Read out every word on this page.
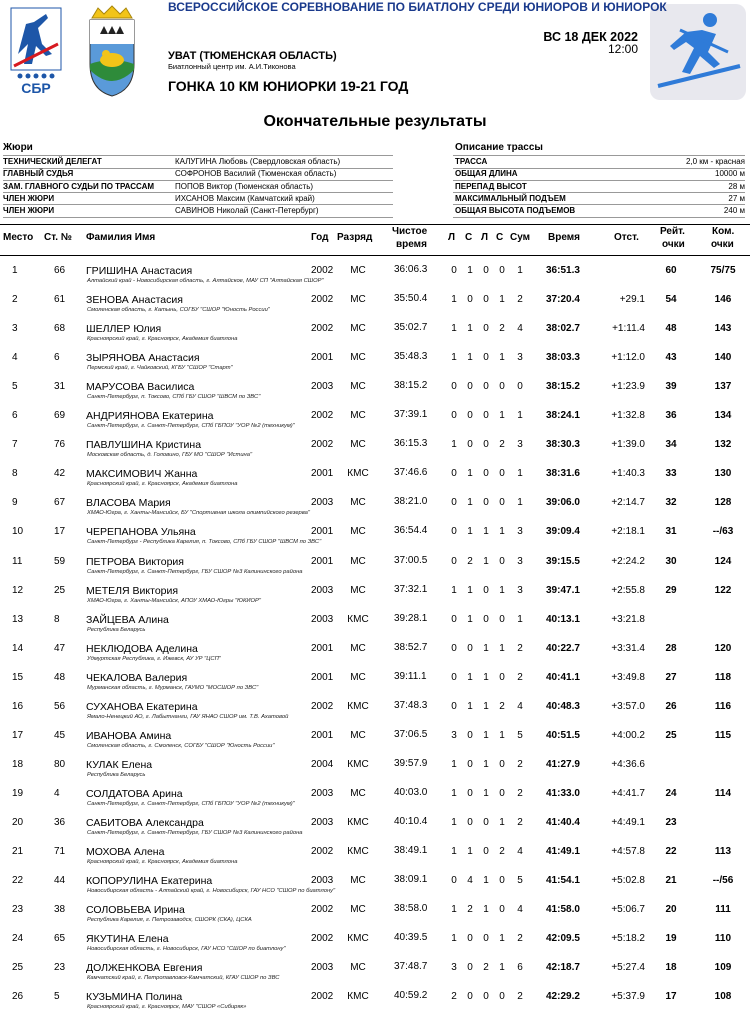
СБР
ВСЕРОССИЙСКОЕ СОРЕВНОВАНИЕ ПО БИАТЛОНУ СРЕДИ ЮНИОРОВ И ЮНИОРОК
ВС 18 ДЕК 2022
12:00
УВАТ (ТЮМЕНСКАЯ ОБЛАСТЬ)
Биатлонный центр им. А.И.Тиконова
ГОНКА 10 КМ ЮНИОРКИ 19-21 ГОД
Окончательные результаты
Жюри
ТЕХНИЧЕСКИЙ ДЕЛЕГАТ	КАЛУГИНА Любовь (Свердловская область)
ГЛАВНЫЙ СУДЬЯ	СОФРОНОВ Василий (Тюменская область)
ЗАМ. ГЛАВНОГО СУДЬИ ПО ТРАССАМ	ПОПОВ Виктор (Тюменская область)
ЧЛЕН ЖЮРИ	ИХСАНОВ Максим (Камчатский край)
ЧЛЕН ЖЮРИ	САВИНОВ Николай (Санкт-Петербург)
Описание трассы
ТРАССА	2,0 км - красная
ОБЩАЯ ДЛИНА	10000 м
ПЕРЕПАД ВЫСОТ	28 м
МАКСИМАЛЬНЫЙ ПОДЪЕМ	27 м
ОБЩАЯ ВЫСОТА ПОДЪЕМОВ	240 м
Место Ст. № Фамилия Имя	Год Разряд
Чистое
время
Л С Л С Сум Время	Отст.
Рейт.
очки
Ком.
очки
1	66 ГРИШИНА Анастасия
Алтайский край - Новосибирская область, г. Алтайское, МАУ СП "Алтайская СШОР"
2002	МС	36:06.3	0	1	0	0	1	36:51.3	60	75/75
2	61 ЗЕНОВА Анастасия
Смоленская область, г. Катынь, СОГБУ "СШОР "Юность России"
2002	МС	35:50.4	1	0	0	1	2	37:20.4	+29.1	54	146
3	68 ШЕЛЛЕР Юлия
Красноярский край, г. Красноярск, Академия биатлона
2002	МС	35:02.7	1	1	0	2	4	38:02.7	+1:11.4	48	143
4	6	ЗЫРЯНОВА Анастасия
Пермский край, г. Чайковский, КГБУ "СШОР "Старт"
2001	МС	35:48.3	1	1	0	1	3	38:03.3	+1:12.0	43	140
5	31 МАРУСОВА Василиса
Санкт-Петербург, п. Токсово, СПб ГБУ СШОР "ШВСМ по ЗВС"
2003	МС	38:15.2	0	0	0	0	0	38:15.2	+1:23.9	39	137
6	69 АНДРИЯНОВА Екатерина
Санкт-Петербург, г. Санкт-Петербург, СПб ГБПОУ "УОР №2 (техникум)"
2002	МС	37:39.1	0	0	0	1	1	38:24.1	+1:32.8	36	134
7	76 ПАВЛУШИНА Кристина
Московская область, д. Головино, ГБУ МО "СШОР "Истина"
2002	МС	36:15.3	1	0	0	2	3	38:30.3	+1:39.0	34	132
8	42 МАКСИМОВИЧ Жанна
Красноярский край, г. Красноярск, Академия биатлона
2001	КМС	37:46.6	0	1	0	0	1	38:31.6	+1:40.3	33	130
9	67 ВЛАСОВА Мария
ХМАО-Югра, г. Ханты-Мансийск, БУ "Спортивная школа олимпийского резерва"
2003	МС	38:21.0	0	1	0	0	1	39:06.0	+2:14.7	32	128
10	17 ЧЕРЕПАНОВА Ульяна
Санкт-Петербург - Республика Карелия, п. Токсово, СПб ГБУ СШОР "ШВСМ по ЗВС"
2001	МС	36:54.4	0	1	1	1	3	39:09.4	+2:18.1	31	--/63
11	59 ПЕТРОВА Виктория
Санкт-Петербург, г. Санкт-Петербург, ГБУ СШОР №3 Калининского района
2001	МС	37:00.5	0	2	1	0	3	39:15.5	+2:24.2	30	124
12	25 МЕТЕЛЯ Виктория
ХМАО-Югра, г. Ханты-Мансийск, АПОУ ХМАО-Югры "ЮКИОР"
2003	МС	37:32.1	1	1	0	1	3	39:47.1	+2:55.8	29	122
13	8	ЗАЙЦЕВА Алина
Республика Беларусь
2003	КМС	39:28.1	0	1	0	0	1	40:13.1	+3:21.8
14	47 НЕКЛЮДОВА Аделина
Удмуртская Республика, г. Ижевск, АУ УР "ЦСП"
2001	МС	38:52.7	0	0	1	1	2	40:22.7	+3:31.4	28	120
15	48 ЧЕКАЛОВА Валерия
Мурманская область, г. Мурманск, ГАУМО "МОСШОР по ЗВС"
2001	МС	39:11.1	0	1	1	0	2	40:41.1	+3:49.8	27	118
16	56 СУХАНОВА Екатерина
Ямало-Ненецкий АО, г. Лабытнанги, ГАУ ЯНАО СШОР им. Т.В. Ахатовой
2002	КМС	37:48.3	0	1	1	2	4	40:48.3	+3:57.0	26	116
17	45 ИВАНОВА Амина
Смоленская область, г. Смоленск, СОГБУ "СШОР "Юность России"
2001	МС	37:06.5	3	0	1	1	5	40:51.5	+4:00.2	25	115
18	80 КУЛАК Елена
Республика Беларусь
2004	КМС	39:57.9	1	0	1	0	2	41:27.9	+4:36.6
19	4	СОЛДАТОВА Арина
Санкт-Петербург, г. Санкт-Петербург, СПб ГБПОУ "УОР №2 (техникум)"
2003	МС	40:03.0	1	0	1	0	2	41:33.0	+4:41.7	24	114
20	36 САБИТОВА Александра
Санкт-Петербург, г. Санкт-Петербург, ГБУ СШОР №3 Калининского района
2003	КМС	40:10.4	1	0	0	1	2	41:40.4	+4:49.1	23
21	71 МОХОВА Алена
Красноярский край, г. Красноярск, Академия биатлона
2002	КМС	38:49.1	1	1	0	2	4	41:49.1	+4:57.8	22	113
22	44 КОПОРУЛИНА Екатерина
Новосибирская область - Алтайский край, г. Новосибирск, ГАУ НСО "СШОР по биатлону"
2003	МС	38:09.1	0	4	1	0	5	41:54.1	+5:02.8	21	--/56
23	38 СОЛОВЬЕВА Ирина
Республика Карелия, г. Петрозаводск, СШОРК (СКА), ЦСКА
2002	МС	38:58.0	1	2	1	0	4	41:58.0	+5:06.7	20	111
24	65 ЯКУТИНА Елена
Новосибирская область, г. Новосибирск, ГАУ НСО "СШОР по биатлону"
2002	КМС	40:39.5	1	0	0	1	2	42:09.5	+5:18.2	19	110
25	23 ДОЛЖЕНКОВА Евгения
Камчатский край, г. Петропавловск-Камчатский, КГАУ СШОР по ЗВС
2003	МС	37:48.7	3	0	2	1	6	42:18.7	+5:27.4	18	109
26	5	КУЗЬМИНА Полина
Красноярский край, г. Красноярск, МАУ "СШОР «Сибиряк»
2002	КМС	40:59.2	2	0	0	0	2	42:29.2	+5:37.9	17	108
